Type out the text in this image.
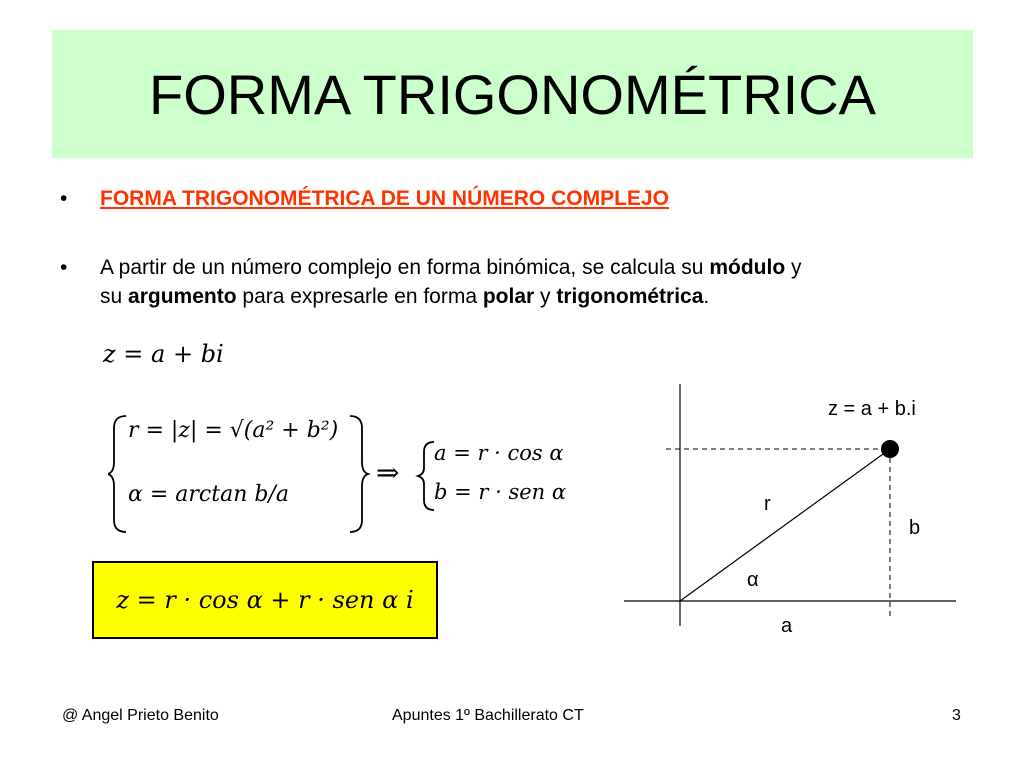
FORMA TRIGONOMÉTRICA
• FORMA TRIGONOMÉTRICA DE UN NÚMERO COMPLEJO
• A partir de un número complejo en forma binómica, se calcula su módulo y
su argumento para expresarle en forma polar y trigonométrica.
z = a + bi
r = |z| = √(a² + b²)
α = arctan b/a
⇒
a = r · cos α
b = r · sen α
z = r · cos α + r · sen α i
z = a + b.i
r
b
α
a
@ Angel Prieto Benito	Apuntes 1º Bachillerato CT	3
